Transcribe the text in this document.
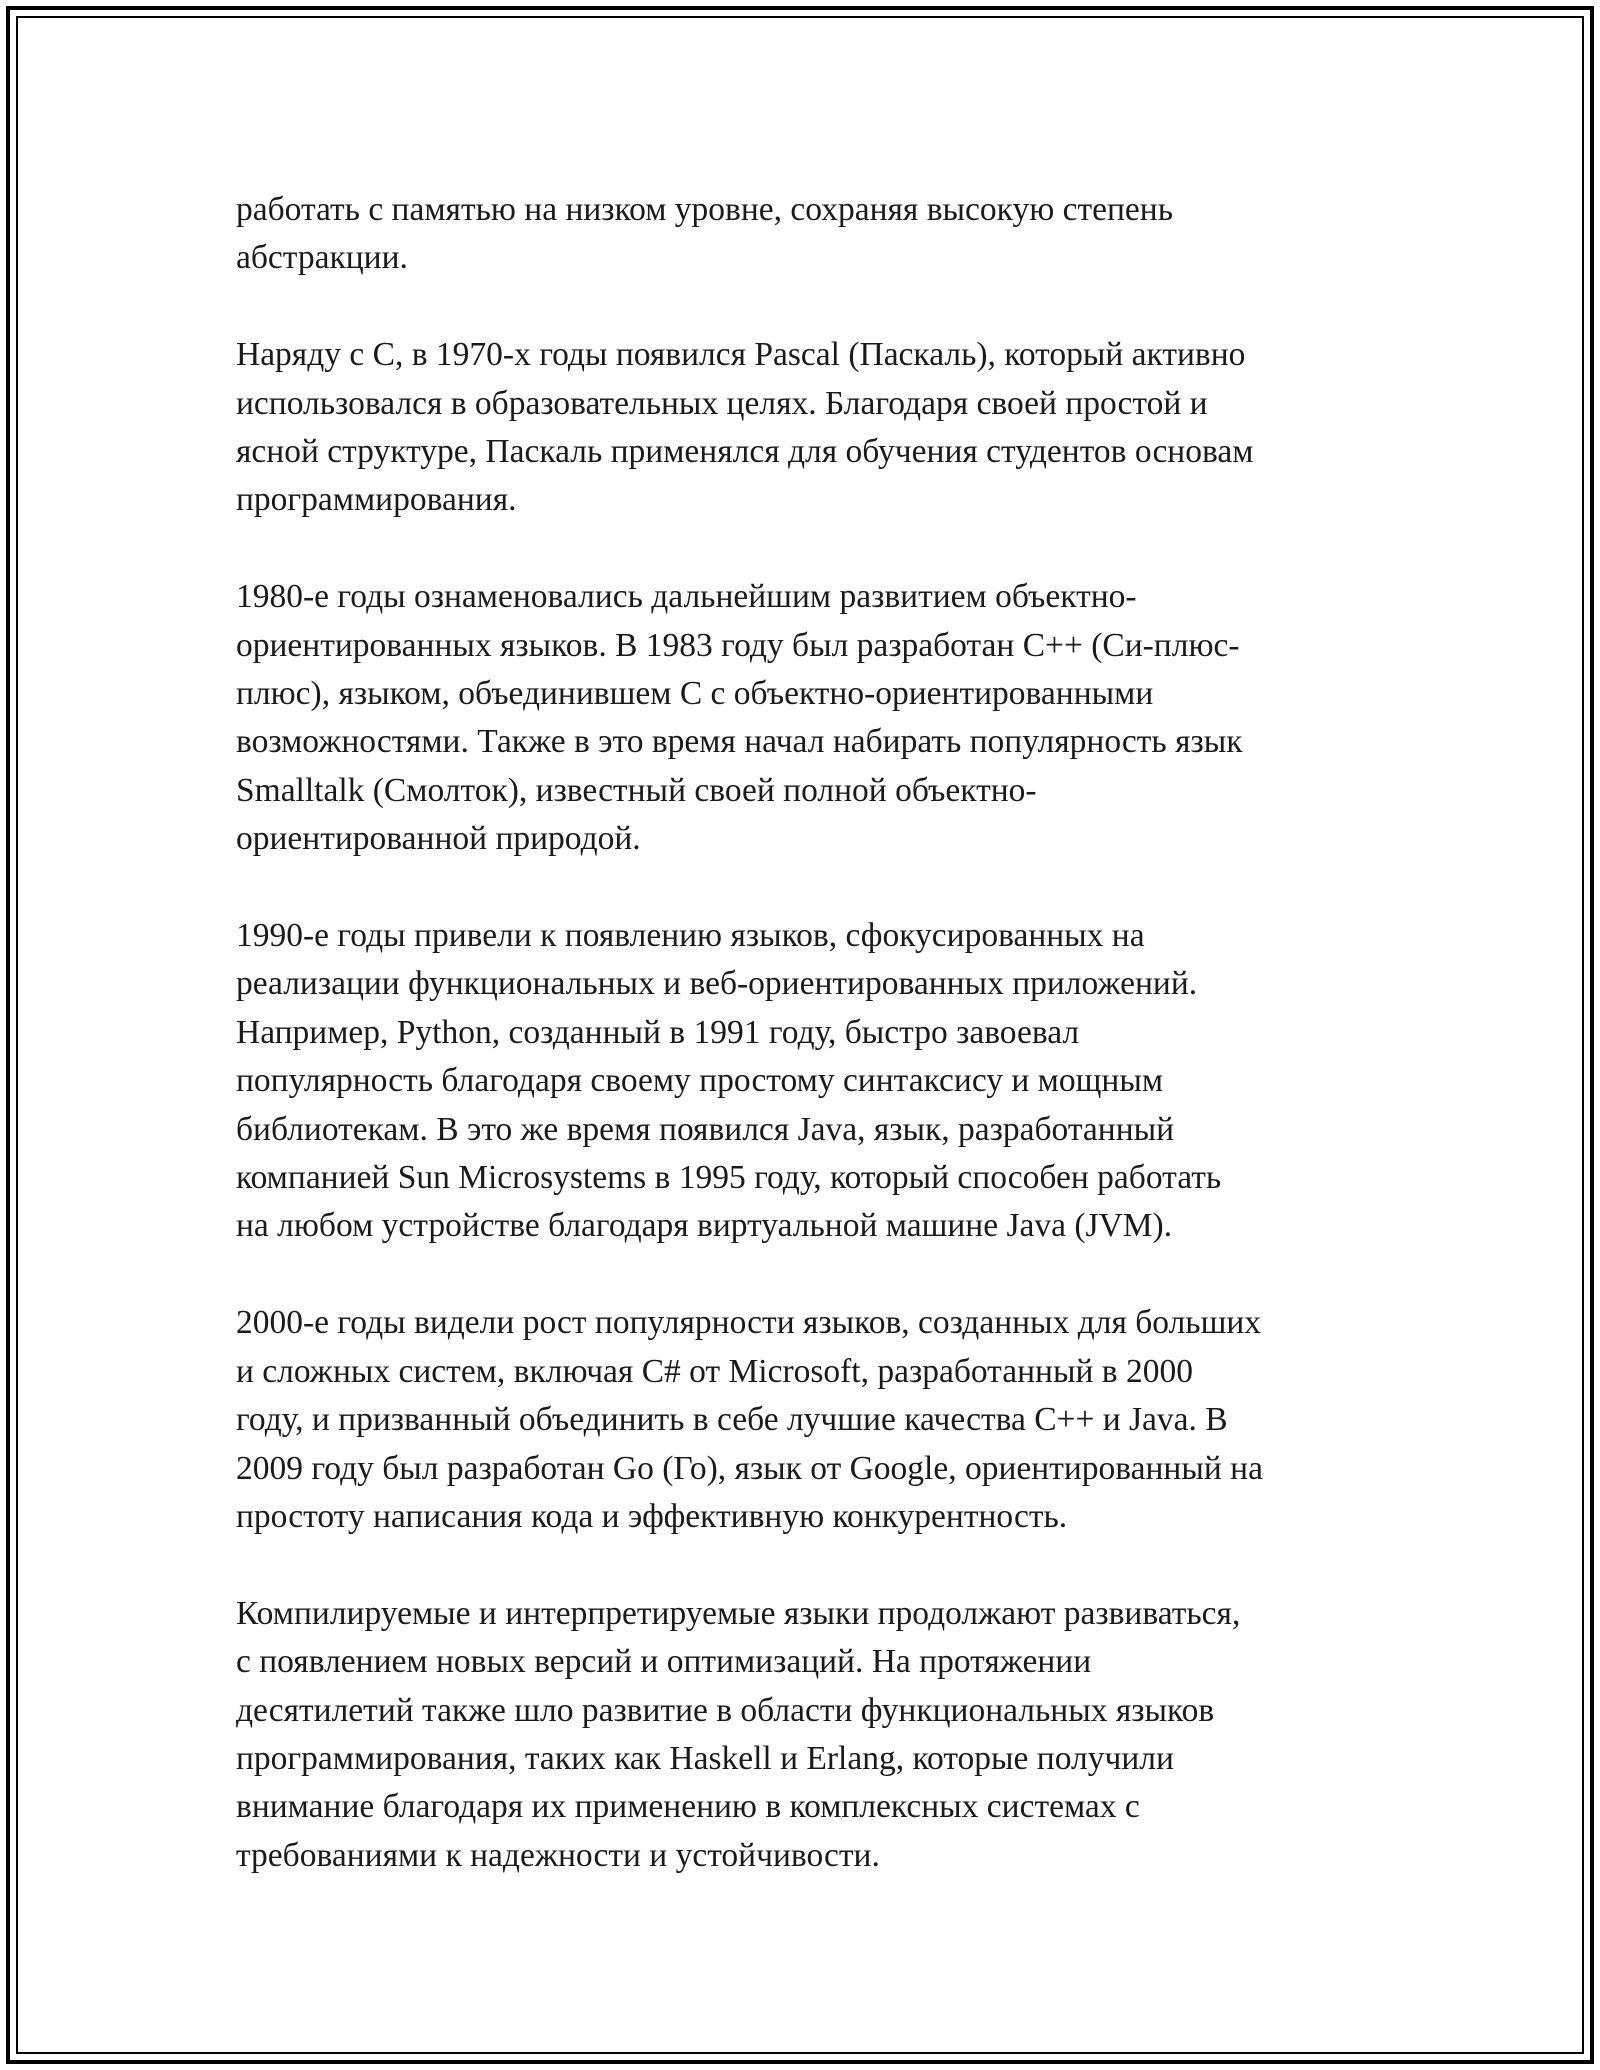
работать с памятью на низком уровне, сохраняя высокую степень
абстракции.

Наряду с C, в 1970-х годы появился Pascal (Паскаль), который активно
использовался в образовательных целях. Благодаря своей простой и
ясной структуре, Паскаль применялся для обучения студентов основам
программирования.

1980-е годы ознаменовались дальнейшим развитием объектно-
ориентированных языков. В 1983 году был разработан C++ (Си-плюс-
плюс), языком, объединившем C с объектно-ориентированными
возможностями. Также в это время начал набирать популярность язык
Smalltalk (Смолток), известный своей полной объектно-
ориентированной природой.

1990-е годы привели к появлению языков, сфокусированных на
реализации функциональных и веб-ориентированных приложений.
Например, Python, созданный в 1991 году, быстро завоевал
популярность благодаря своему простому синтаксису и мощным
библиотекам. В это же время появился Java, язык, разработанный
компанией Sun Microsystems в 1995 году, который способен работать
на любом устройстве благодаря виртуальной машине Java (JVM).

2000-е годы видели рост популярности языков, созданных для больших
и сложных систем, включая C# от Microsoft, разработанный в 2000
году, и призванный объединить в себе лучшие качества C++ и Java. В
2009 году был разработан Go (Го), язык от Google, ориентированный на
простоту написания кода и эффективную конкурентность.

Компилируемые и интерпретируемые языки продолжают развиваться,
с появлением новых версий и оптимизаций. На протяжении
десятилетий также шло развитие в области функциональных языков
программирования, таких как Haskell и Erlang, которые получили
внимание благодаря их применению в комплексных системах с
требованиями к надежности и устойчивости.
